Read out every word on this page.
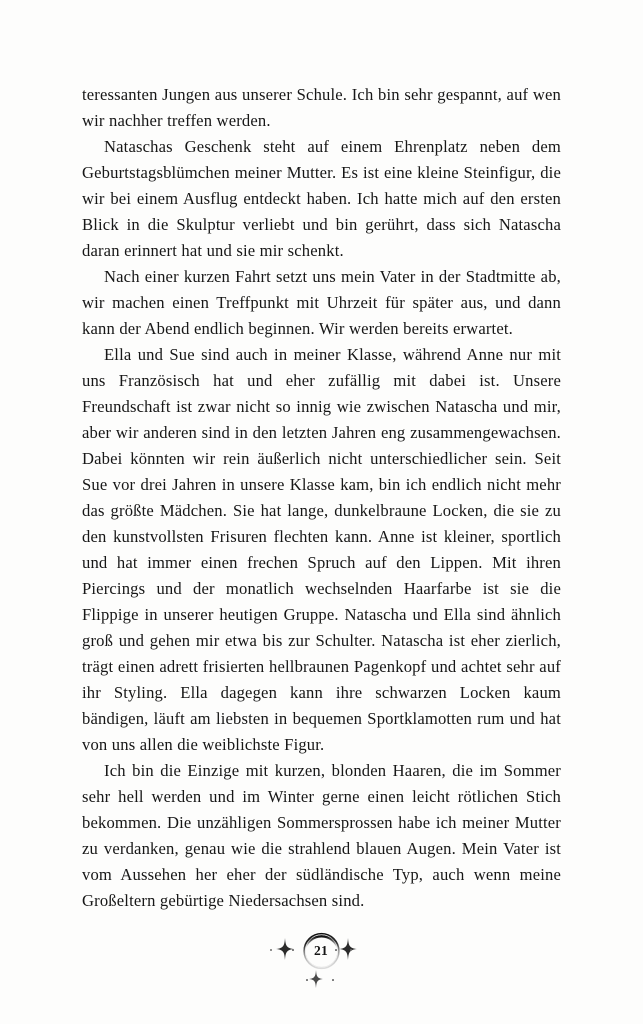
teressanten Jungen aus unserer Schule. Ich bin sehr gespannt, auf wen wir nachher treffen werden.

Nataschas Geschenk steht auf einem Ehrenplatz neben dem Geburtstagsblümchen meiner Mutter. Es ist eine kleine Steinfigur, die wir bei einem Ausflug entdeckt haben. Ich hatte mich auf den ersten Blick in die Skulptur verliebt und bin gerührt, dass sich Natascha daran erinnert hat und sie mir schenkt.

Nach einer kurzen Fahrt setzt uns mein Vater in der Stadtmitte ab, wir machen einen Treffpunkt mit Uhrzeit für später aus, und dann kann der Abend endlich beginnen. Wir werden bereits erwartet.

Ella und Sue sind auch in meiner Klasse, während Anne nur mit uns Französisch hat und eher zufällig mit dabei ist. Unsere Freundschaft ist zwar nicht so innig wie zwischen Natascha und mir, aber wir anderen sind in den letzten Jahren eng zusammengewachsen. Dabei könnten wir rein äußerlich nicht unterschiedlicher sein. Seit Sue vor drei Jahren in unsere Klasse kam, bin ich endlich nicht mehr das größte Mädchen. Sie hat lange, dunkelbraune Locken, die sie zu den kunstvollsten Frisuren flechten kann. Anne ist kleiner, sportlich und hat immer einen frechen Spruch auf den Lippen. Mit ihren Piercings und der monatlich wechselnden Haarfarbe ist sie die Flippige in unserer heutigen Gruppe. Natascha und Ella sind ähnlich groß und gehen mir etwa bis zur Schulter. Natascha ist eher zierlich, trägt einen adrett frisierten hellbraunen Pagenkopf und achtet sehr auf ihr Styling. Ella dagegen kann ihre schwarzen Locken kaum bändigen, läuft am liebsten in bequemen Sportklamotten rum und hat von uns allen die weiblichste Figur.

Ich bin die Einzige mit kurzen, blonden Haaren, die im Sommer sehr hell werden und im Winter gerne einen leicht rötlichen Stich bekommen. Die unzähligen Sommersprossen habe ich meiner Mutter zu verdanken, genau wie die strahlend blauen Augen. Mein Vater ist vom Aussehen her eher der südländische Typ, auch wenn meine Großeltern gebürtige Niedersachsen sind.

21
